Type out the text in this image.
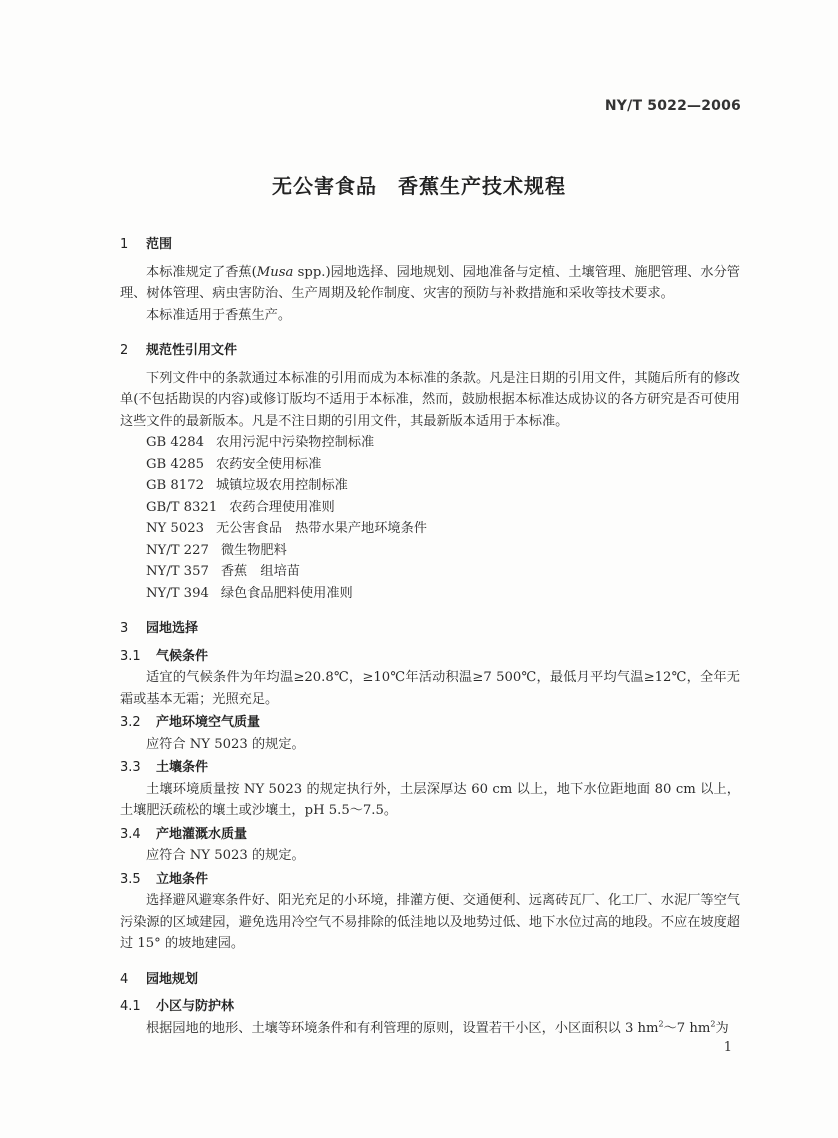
NY/T 5022—2006
无公害食品　香蕉生产技术规程
1 范围

本标准规定了香蕉(Musa spp.)园地选择、园地规划、园地准备与定植、土壤管理、施肥管理、水分管理、树体管理、病虫害防治、生产周期及轮作制度、灾害的预防与补救措施和采收等技术要求。

本标准适用于香蕉生产。

2 规范性引用文件

下列文件中的条款通过本标准的引用而成为本标准的条款。凡是注日期的引用文件，其随后所有的修改单(不包括勘误的内容)或修订版均不适用于本标准，然而，鼓励根据本标准达成协议的各方研究是否可使用这些文件的最新版本。凡是不注日期的引用文件，其最新版本适用于本标准。

GB 4284 农用污泥中污染物控制标准

GB 4285 农药安全使用标准

GB 8172 城镇垃圾农用控制标准

GB/T 8321 农药合理使用准则

NY 5023 无公害食品　热带水果产地环境条件

NY/T 227 微生物肥料

NY/T 357 香蕉　组培苗

NY/T 394 绿色食品肥料使用准则

3 园地选择
3.1 气候条件

适宜的气候条件为年均温≥20.8℃，≥10℃年活动积温≥7 500℃，最低月平均气温≥12℃，全年无霜或基本无霜；光照充足。

3.2 产地环境空气质量

应符合 NY 5023 的规定。

3.3 土壤条件

土壤环境质量按 NY 5023 的规定执行外，土层深厚达 60 cm 以上，地下水位距地面 80 cm 以上，土壤肥沃疏松的壤土或沙壤土，pH 5.5～7.5。

3.4 产地灌溉水质量

应符合 NY 5023 的规定。

3.5 立地条件

选择避风避寒条件好、阳光充足的小环境，排灌方便、交通便利、远离砖瓦厂、化工厂、水泥厂等空气污染源的区域建园，避免选用冷空气不易排除的低洼地以及地势过低、地下水位过高的地段。不应在坡度超过 15° 的坡地建园。

4 园地规划
4.1 小区与防护林

根据园地的地形、土壤等环境条件和有利管理的原则，设置若干小区，小区面积以 3 $hm^2\sim 7$ $hm^2$为

1
